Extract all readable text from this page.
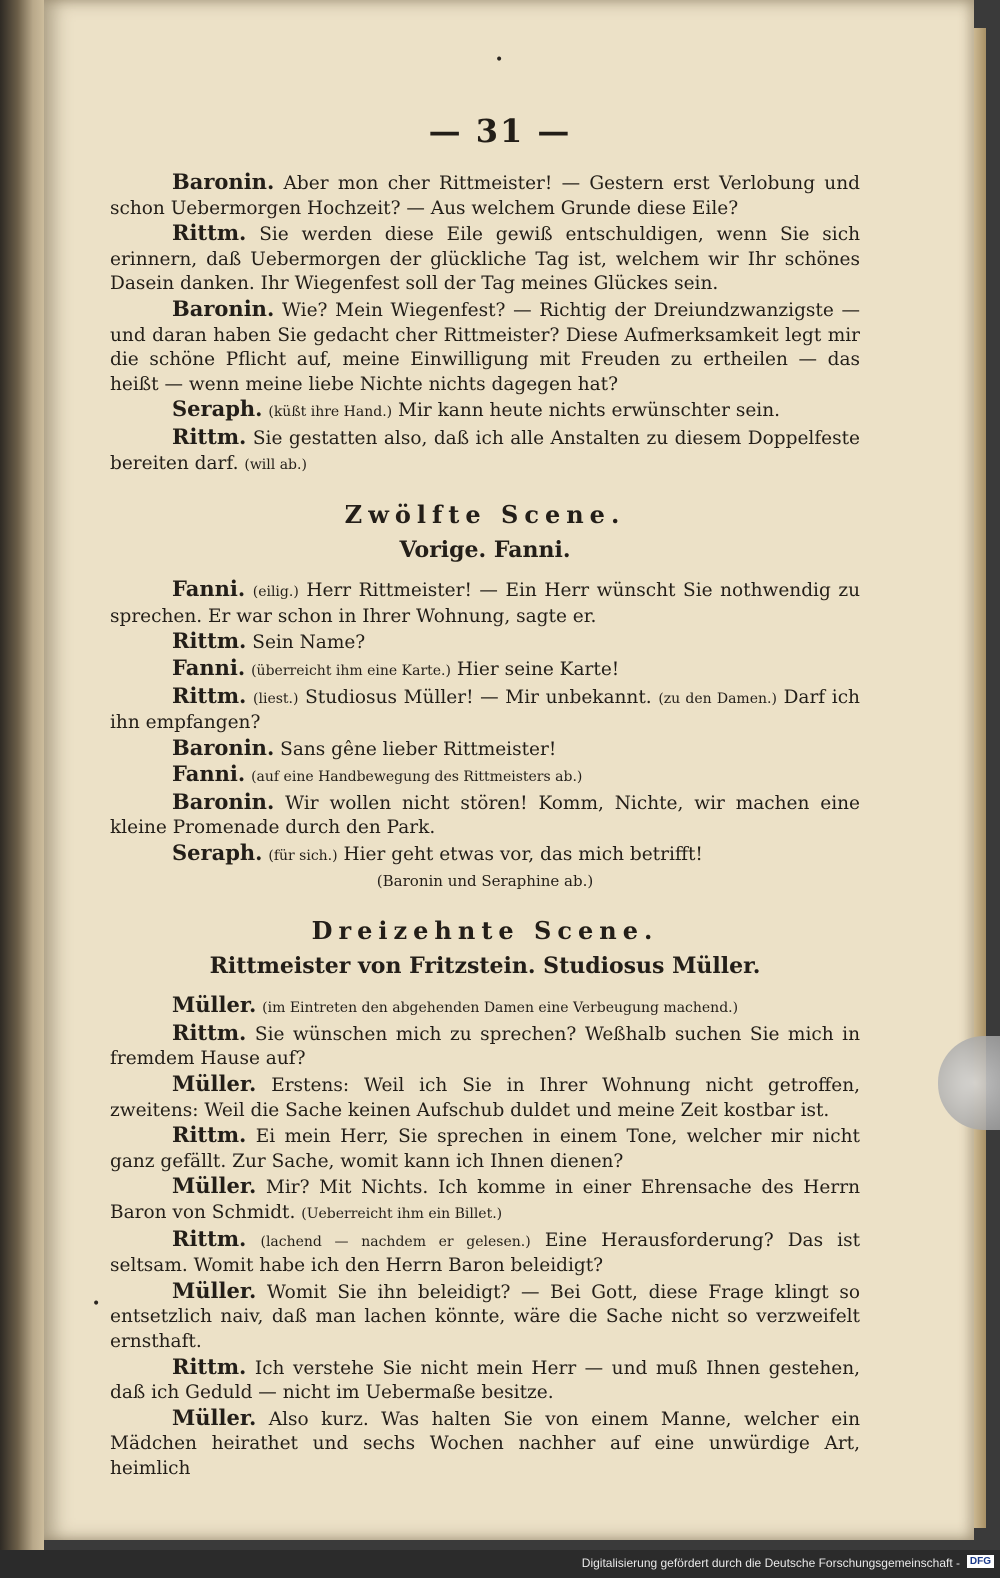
•
•
— 31 —

Baronin. Aber mon cher Rittmeister! — Gestern erst Verlobung und schon Uebermorgen Hochzeit? — Aus welchem Grunde diese Eile?

Rittm. Sie werden diese Eile gewiß entschuldigen, wenn Sie sich erinnern, daß Uebermorgen der glückliche Tag ist, welchem wir Ihr schönes Dasein danken. Ihr Wiegenfest soll der Tag meines Glückes sein.

Baronin. Wie? Mein Wiegenfest? — Richtig der Dreiundzwanzigste — und daran haben Sie gedacht cher Rittmeister? Diese Aufmerksamkeit legt mir die schöne Pflicht auf, meine Einwilligung mit Freuden zu ertheilen — das heißt — wenn meine liebe Nichte nichts dagegen hat?

Seraph. (küßt ihre Hand.) Mir kann heute nichts erwünschter sein.

Rittm. Sie gestatten also, daß ich alle Anstalten zu diesem Doppelfeste bereiten darf. (will ab.)

Zwölfte Scene.

Vorige. Fanni.

Fanni. (eilig.) Herr Rittmeister! — Ein Herr wünscht Sie nothwendig zu sprechen. Er war schon in Ihrer Wohnung, sagte er.

Rittm. Sein Name?

Fanni. (überreicht ihm eine Karte.) Hier seine Karte!

Rittm. (liest.) Studiosus Müller! — Mir unbekannt. (zu den Damen.) Darf ich ihn empfangen?

Baronin. Sans gêne lieber Rittmeister!

Fanni. (auf eine Handbewegung des Rittmeisters ab.)

Baronin. Wir wollen nicht stören! Komm, Nichte, wir machen eine kleine Promenade durch den Park.

Seraph. (für sich.) Hier geht etwas vor, das mich betrifft!

(Baronin und Seraphine ab.)

Dreizehnte Scene.

Rittmeister von Fritzstein. Studiosus Müller.

Müller. (im Eintreten den abgehenden Damen eine Verbeugung machend.)

Rittm. Sie wünschen mich zu sprechen? Weßhalb suchen Sie mich in fremdem Hause auf?

Müller. Erstens: Weil ich Sie in Ihrer Wohnung nicht getroffen, zweitens: Weil die Sache keinen Aufschub duldet und meine Zeit kostbar ist.

Rittm. Ei mein Herr, Sie sprechen in einem Tone, welcher mir nicht ganz gefällt. Zur Sache, womit kann ich Ihnen dienen?

Müller. Mir? Mit Nichts. Ich komme in einer Ehrensache des Herrn Baron von Schmidt. (Ueberreicht ihm ein Billet.)

Rittm. (lachend — nachdem er gelesen.) Eine Herausforderung? Das ist seltsam. Womit habe ich den Herrn Baron beleidigt?

Müller. Womit Sie ihn beleidigt? — Bei Gott, diese Frage klingt so entsetzlich naiv, daß man lachen könnte, wäre die Sache nicht so verzweifelt ernsthaft.

Rittm. Ich verstehe Sie nicht mein Herr — und muß Ihnen gestehen, daß ich Geduld — nicht im Uebermaße besitze.

Müller. Also kurz. Was halten Sie von einem Manne, welcher ein Mädchen heirathet und sechs Wochen nachher auf eine unwürdige Art, heimlich

Digitalisierung gefördert durch die Deutsche Forschungsgemeinschaft - DFG
